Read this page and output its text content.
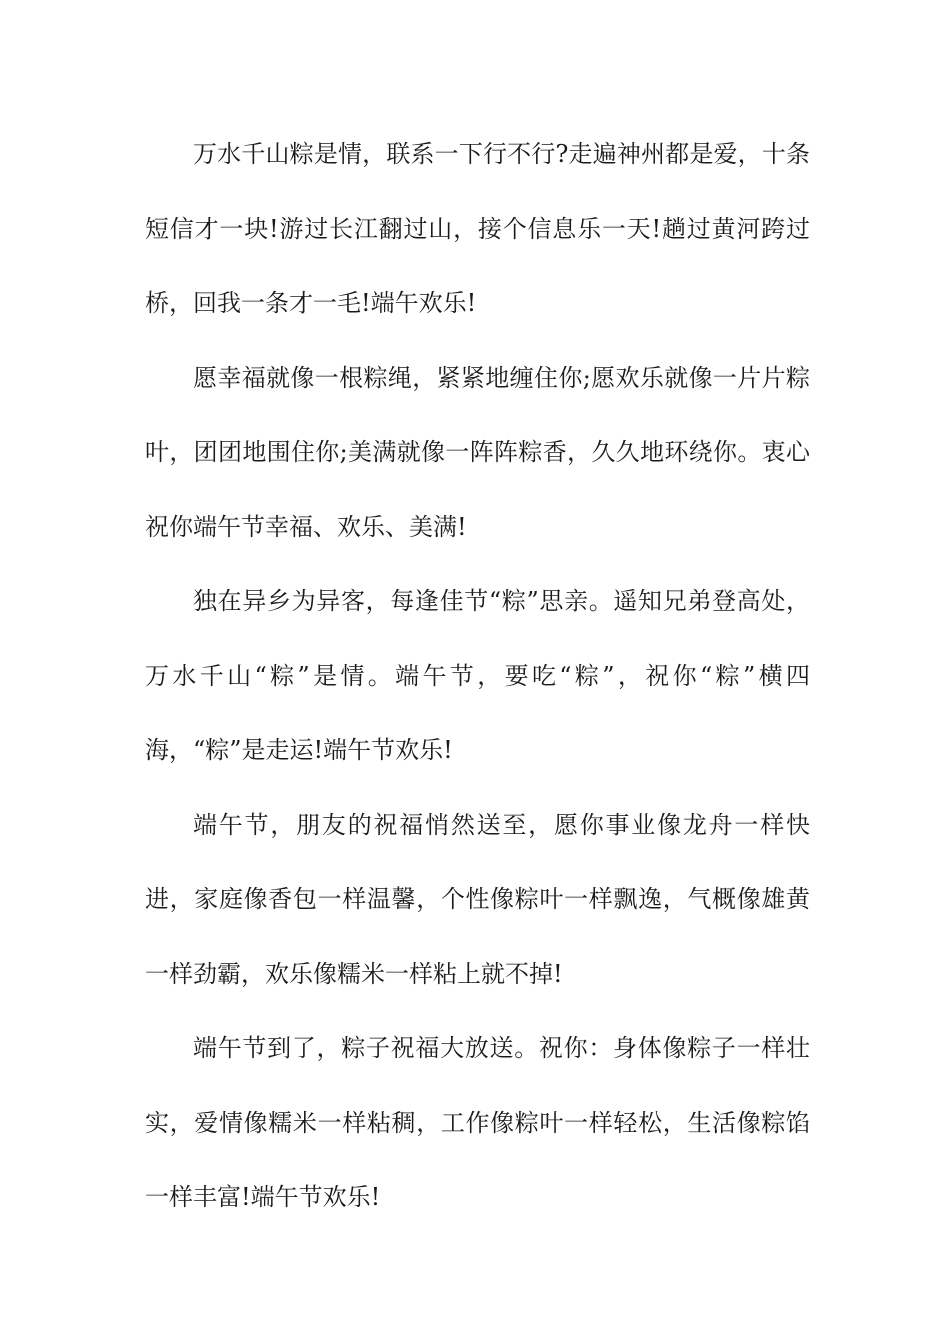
万水千山粽是情，联系一下行不行?走遍神州都是爱，十条短信才一块!游过长江翻过山，接个信息乐一天!趟过黄河跨过桥，回我一条才一毛!端午欢乐!

愿幸福就像一根粽绳，紧紧地缠住你;愿欢乐就像一片片粽叶，团团地围住你;美满就像一阵阵粽香，久久地环绕你。衷心祝你端午节幸福、欢乐、美满!

独在异乡为异客，每逢佳节“粽”思亲。遥知兄弟登高处，万水千山“粽”是情。端午节，要吃“粽”，祝你“粽”横四海，“粽”是走运!端午节欢乐!

端午节，朋友的祝福悄然送至，愿你事业像龙舟一样快进，家庭像香包一样温馨，个性像粽叶一样飘逸，气概像雄黄一样劲霸，欢乐像糯米一样粘上就不掉!

端午节到了，粽子祝福大放送。祝你：身体像粽子一样壮实，爱情像糯米一样粘稠，工作像粽叶一样轻松，生活像粽馅一样丰富!端午节欢乐!
